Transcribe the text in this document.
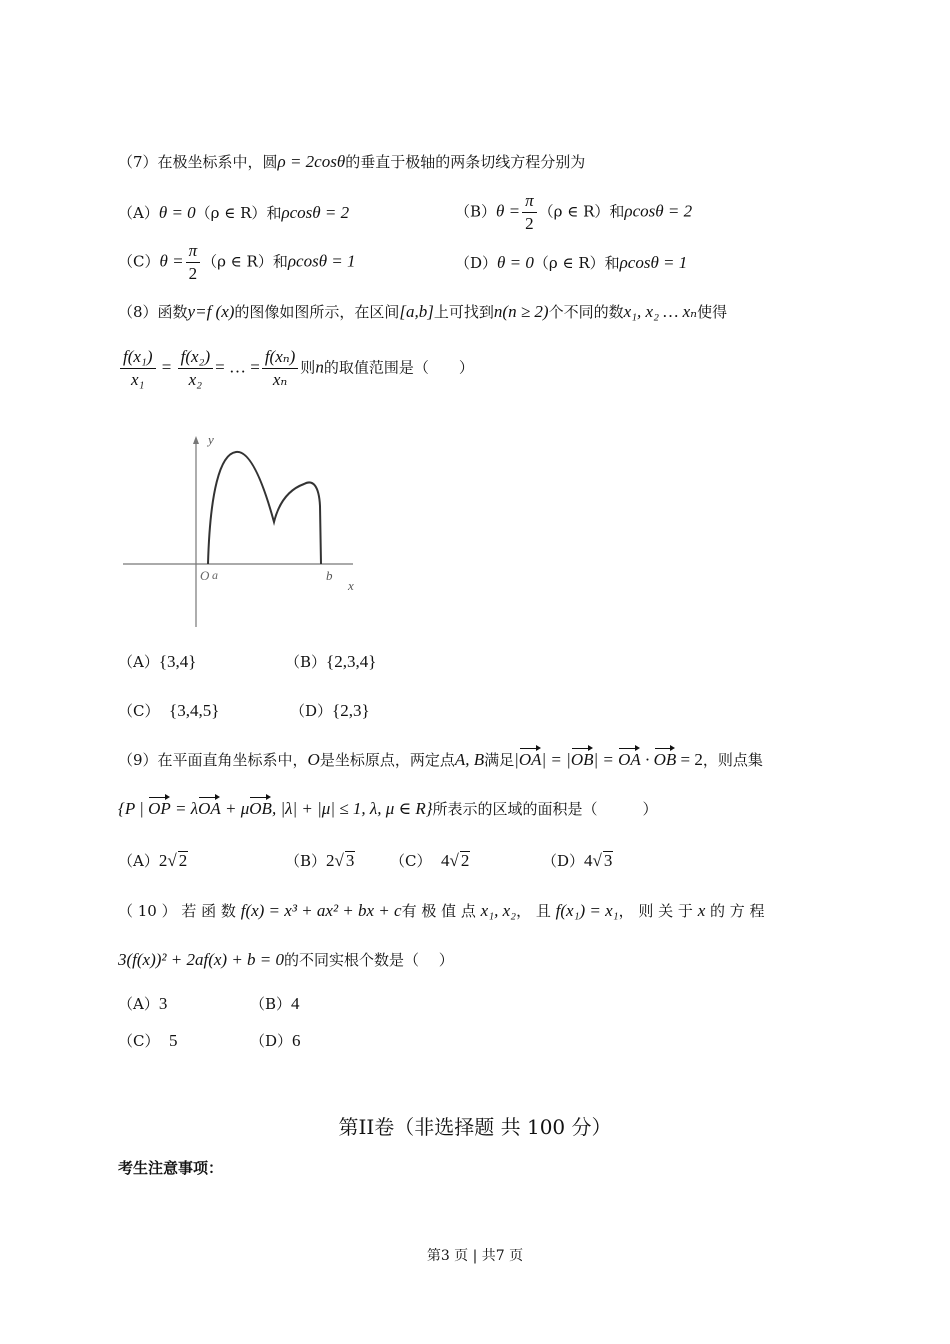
（7）在极坐标系中，圆ρ = 2cosθ的垂直于极轴的两条切线方程分别为
（A）θ = 0（ρ ∈ R）和ρcosθ = 2	$(B)\theta = \frac{\pi}{2} (\rho$ ∈ R）和ρcosθ = 2
$(C)\theta = \frac{\pi}{2} (\rho$ ∈ R）和ρcosθ = 1	（D）θ = 0（ρ ∈ R）和ρcosθ = 1
（8）函数y=f (x)的图像如图所示，在区间[a,b]上可找到n(n ≥ 2)个不同的数x₁, x₂ … xₙ使得
$\frac{\text{f(x₁)}}{\text{x₁}} = \frac{\text{f(x₂)}}{\text{x₂}}$ = … = $\frac{\text{f(xₙ)}}{\text{xₙ}}$ 则n的取值范围是（　　）
y
x
O a	b
（A）{3,4}	（B）{2,3,4}
（C） {3,4,5}	（D）{2,3}
（9）在平面直角坐标系中，O是坐标原点，两定点A, B满足|OA| = |OB| = OA · OB = 2，则点集
{P | OP = λOA + μOB, |λ| + |μ| ≤ 1, λ, μ ∈ R}所表示的区域的面积是（　　　）
（A）2√ 2	（B）2√ 3 （C） 4√ 2	（D）4√ 3
（ 10 ） 若 函 数 f(x) = x³ + ax² + bx + c有 极 值 点 x₁, x₂， 且 f(x₁) = x₁， 则 关 于 x 的 方 程
3(f(x))² + 2af(x) + b = 0的不同实根个数是（　 ）
（A）3	（B）4
（C） 5	（D）6
第II卷（非选择题 共 100 分）
考生注意事项：
第3 页 | 共7 页
